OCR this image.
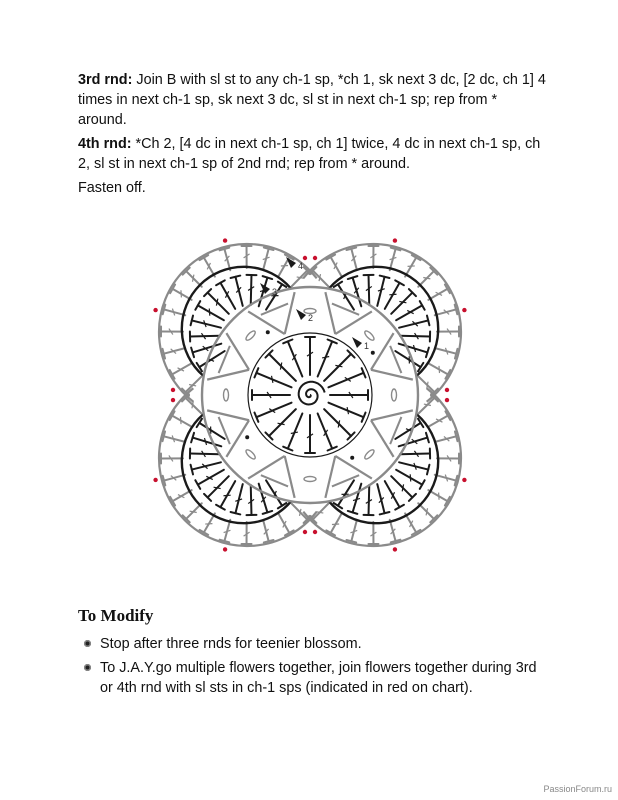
3rd rnd: Join B with sl st to any ch-1 sp, *ch 1, sk next 3 dc, [2 dc, ch 1] 4 times in next ch-1 sp, sk next 3 dc, sl st in next ch-1 sp; rep from * around.

4th rnd: *Ch 2, [4 dc in next ch-1 sp, ch 1] twice, 4 dc in next ch-1 sp, ch 2, sl st in next ch-1 sp of 2nd rnd; rep from * around.

Fasten off.

1
2
3
4
To Modify
Stop after three rnds for teenier blossom.
To J.A.Y.go multiple flowers together, join flowers together during 3rd or 4th rnd with sl sts in ch-1 sps (indicated in red on chart).
PassionForum.ru
